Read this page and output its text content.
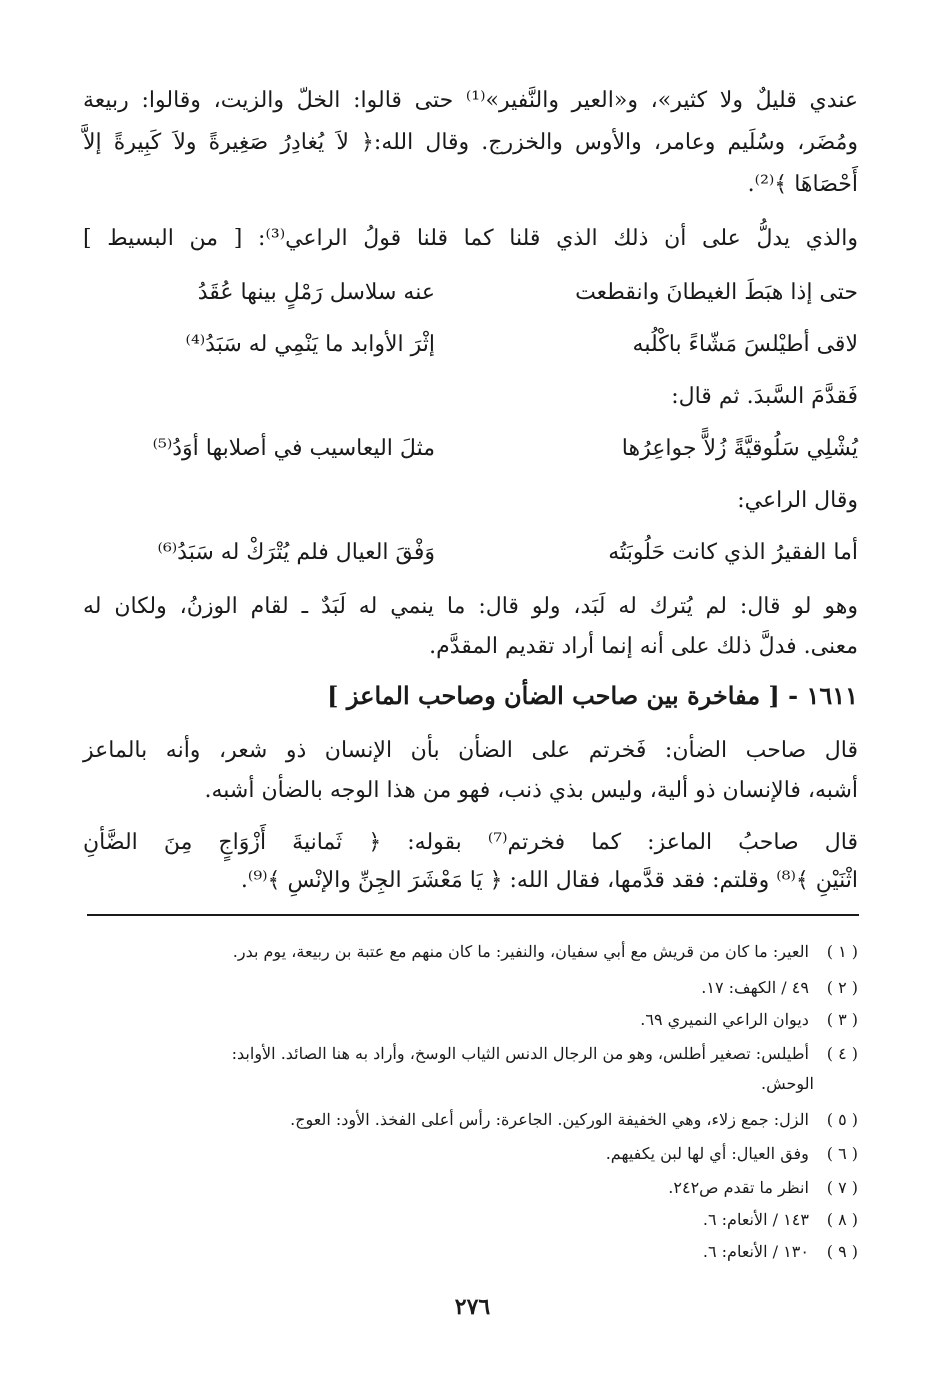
عندي قليلٌ ولا كثير»، و«العير والنَّفير»⁽¹⁾ حتى قالوا: الخلّ والزيت، وقالوا: ربيعة
ومُضَر، وسُلَيم وعامر، والأوس والخزرج. وقال الله:﴿ لاَ يُغادِرُ صَغِيرةً ولاَ كَبِيرةً إلاَّ
أَحْصَاهَا ﴾⁽²⁾.
والذي يدلُّ على أن ذلك الذي قلنا كما قلنا قولُ الراعي⁽³⁾: [ من البسيط ]
حتى إذا هبَطَ الغيطانَ وانقطعت
عنه سلاسل رَمْلٍ بينها عُقَدُ
لاقى أطيْلسَ مَشّاءً باكْلُبه
إثْرَ الأوابد ما يَنْمِي له سَبَدُ⁽⁴⁾
فَقدَّمَ السَّبدَ. ثم قال:
يُشْلِي سَلُوقيَّةً زُلاًّ جواعِرُها
مثلَ اليعاسيب في أصلابها أوَدُ⁽⁵⁾
وقال الراعي:
أما الفقيرُ الذي كانت حَلُوبَتُه
وَفْقَ العيال فلم يُتْرَكْ له سَبَدُ⁽⁶⁾
وهو لو قال: لم يُترك له لَبَد، ولو قال: ما ينمي له لَبَدٌ ـ لقام الوزنُ، ولكان له
معنى. فدلَّ ذلك على أنه إنما أراد تقديم المقدَّم.
١٦١١ - [ مفاخرة بين صاحب الضأن وصاحب الماعز ]
قال صاحب الضأن: فَخرتم على الضأن بأن الإنسان ذو شعر، وأنه بالماعز
أشبه، فالإنسان ذو ألية، وليس بذي ذنب، فهو من هذا الوجه بالضأن أشبه.
قال صاحبُ الماعز: كما فخرتم⁽⁷⁾ بقوله: ﴿ ثَمانيةَ أَزْوَاجٍ مِنَ الضَّأنِ
اثْنَيْنِ ﴾⁽⁸⁾ وقلتم: فقد قدَّمها، فقال الله: ﴿ يَا مَعْشَرَ الجِنِّ والإنْسِ ﴾⁽⁹⁾.
( ١ ) العير: ما كان من قريش مع أبي سفيان، والنفير: ما كان منهم مع عتبة بن ربيعة، يوم بدر.
( ٢ ) ٤٩ / الكهف: ١٧.
( ٣ ) ديوان الراعي النميري ٦٩.
( ٤ ) أطيلس: تصغير أطلس، وهو من الرجال الدنس الثياب الوسخ، وأراد به هنا الصائد. الأوابد:
الوحش.
( ٥ ) الزل: جمع زلاء، وهي الخفيفة الوركين. الجاعرة: رأس أعلى الفخذ. الأود: العوج.
( ٦ ) وفق العيال: أي لها لبن يكفيهم.
( ٧ ) انظر ما تقدم ص٢٤٢.
( ٨ ) ١٤٣ / الأنعام: ٦.
( ٩ ) ١٣٠ / الأنعام: ٦.
٢٧٦
